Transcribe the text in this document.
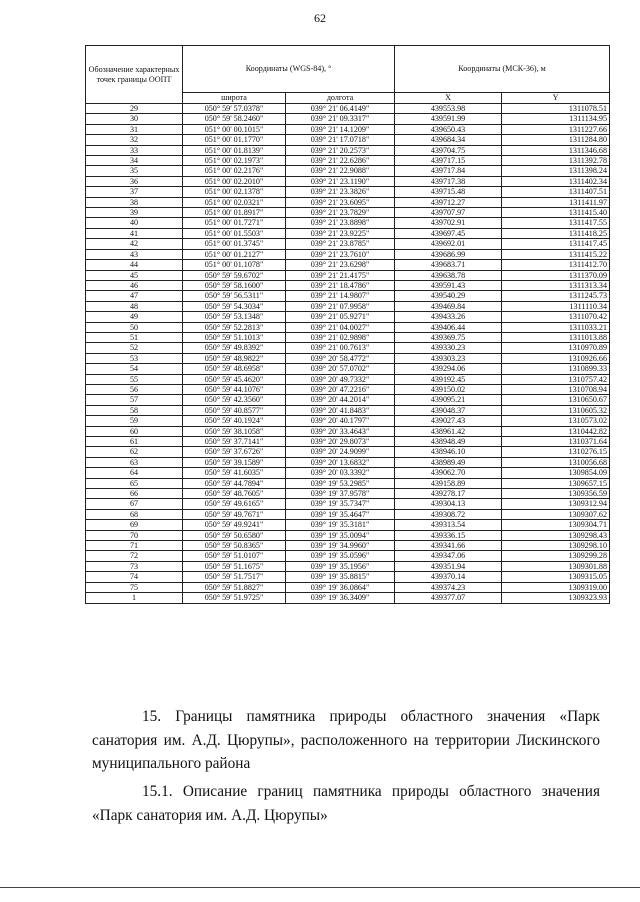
62
Обозначение характерных точек границы ООПТ	Координаты (WGS-84), °		Координаты (МСК-36), м	
	широта	долгота	X	Y
29	050° 59' 57.0378"	039° 21' 06.4149"	439553.98	1311078.51
30	050° 59' 58.2460"	039° 21' 09.3317"	439591.99	1311134.95
31	051° 00' 00.1015"	039° 21' 14.1209"	439650.43	1311227.66
32	051° 00' 01.1770"	039° 21' 17.0718"	439684.34	1311284.80
33	051° 00' 01.8139"	039° 21' 20.2573"	439704.75	1311346.68
34	051° 00' 02.1973"	039° 21' 22.6286"	439717.15	1311392.78
35	051° 00' 02.2176"	039° 21' 22.9088"	439717.84	1311398.24
36	051° 00' 02.2010"	039° 21' 23.1190"	439717.38	1311402.34
37	051° 00' 02.1378"	039° 21' 23.3826"	439715.48	1311407.51
38	051° 00' 02.0321"	039° 21' 23.6095"	439712.27	1311411.97
39	051° 00' 01.8917"	039° 21' 23.7829"	439707.97	1311415.40
40	051° 00' 01.7271"	039° 21' 23.8898"	439702.91	1311417.55
41	051° 00' 01.5503"	039° 21' 23.9225"	439697.45	1311418.25
42	051° 00' 01.3745"	039° 21' 23.8785"	439692.01	1311417.45
43	051° 00' 01.2127"	039° 21' 23.7610"	439686.99	1311415.22
44	051° 00' 01.1078"	039° 21' 23.6298"	439683.71	1311412.70
45	050° 59' 59.6702"	039° 21' 21.4175"	439638.78	1311370.09
46	050° 59' 58.1600"	039° 21' 18.4786"	439591.43	1311313.34
47	050° 59' 56.5311"	039° 21' 14.9807"	439540.29	1311245.73
48	050° 59' 54.3034"	039° 21' 07.9958"	439469.84	1311110.34
49	050° 59' 53.1348"	039° 21' 05.9271"	439433.26	1311070.42
50	050° 59' 52.2813"	039° 21' 04.0027"	439406.44	1311033.21
51	050° 59' 51.1013"	039° 21' 02.9898"	439369.75	1311013.88
52	050° 59' 49.8392"	039° 21' 00.7613"	439330.23	1310970.89
53	050° 59' 48.9822"	039° 20' 58.4772"	439303.23	1310926.66
54	050° 59' 48.6958"	039° 20' 57.0702"	439294.06	1310899.33
55	050° 59' 45.4620"	039° 20' 49.7332"	439192.45	1310757.42
56	050° 59' 44.1076"	039° 20' 47.2216"	439150.02	1310708.94
57	050° 59' 42.3560"	039° 20' 44.2014"	439095.21	1310650.67
58	050° 59' 40.8577"	039° 20' 41.8483"	439048.37	1310605.32
59	050° 59' 40.1924"	039° 20' 40.1797"	439027.43	1310573.02
60	050° 59' 38.1058"	039° 20' 33.4643"	438961.42	1310442.82
61	050° 59' 37.7141"	039° 20' 29.8073"	438948.49	1310371.64
62	050° 59' 37.6726"	039° 20' 24.9099"	438946.10	1310276.15
63	050° 59' 39.1589"	039° 20' 13.6832"	438989.49	1310056.68
64	050° 59' 41.6035"	039° 20' 03.3392"	439062.70	1309854.09
65	050° 59' 44.7894"	039° 19' 53.2985"	439158.89	1309657.15
66	050° 59' 48.7605"	039° 19' 37.9578"	439278.17	1309356.59
67	050° 59' 49.6165"	039° 19' 35.7347"	439304.13	1309312.94
68	050° 59' 49.7671"	039° 19' 35.4647"	439308.72	1309307.62
69	050° 59' 49.9241"	039° 19' 35.3181"	439313.54	1309304.71
70	050° 59' 50.6580"	039° 19' 35.0094"	439336.15	1309298.43
71	050° 59' 50.8365"	039° 19' 34.9960"	439341.66	1309298.10
72	050° 59' 51.0107"	039° 19' 35.0596"	439347.06	1309299.28
73	050° 59' 51.1675"	039° 19' 35.1956"	439351.94	1309301.88
74	050° 59' 51.7517"	039° 19' 35.8815"	439370.14	1309315.05
75	050° 59' 51.8827"	039° 19' 36.0864"	439374.23	1309319.00
1	050° 59' 51.9725"	039° 19' 36.3409"	439377.07	1309323.93
15. Границы памятника природы областного значения «Парк санатория им. А.Д. Цюрупы», расположенного на территории Лискинского муниципального района
15.1. Описание границ памятника природы областного значения «Парк санатория им. А.Д. Цюрупы»
